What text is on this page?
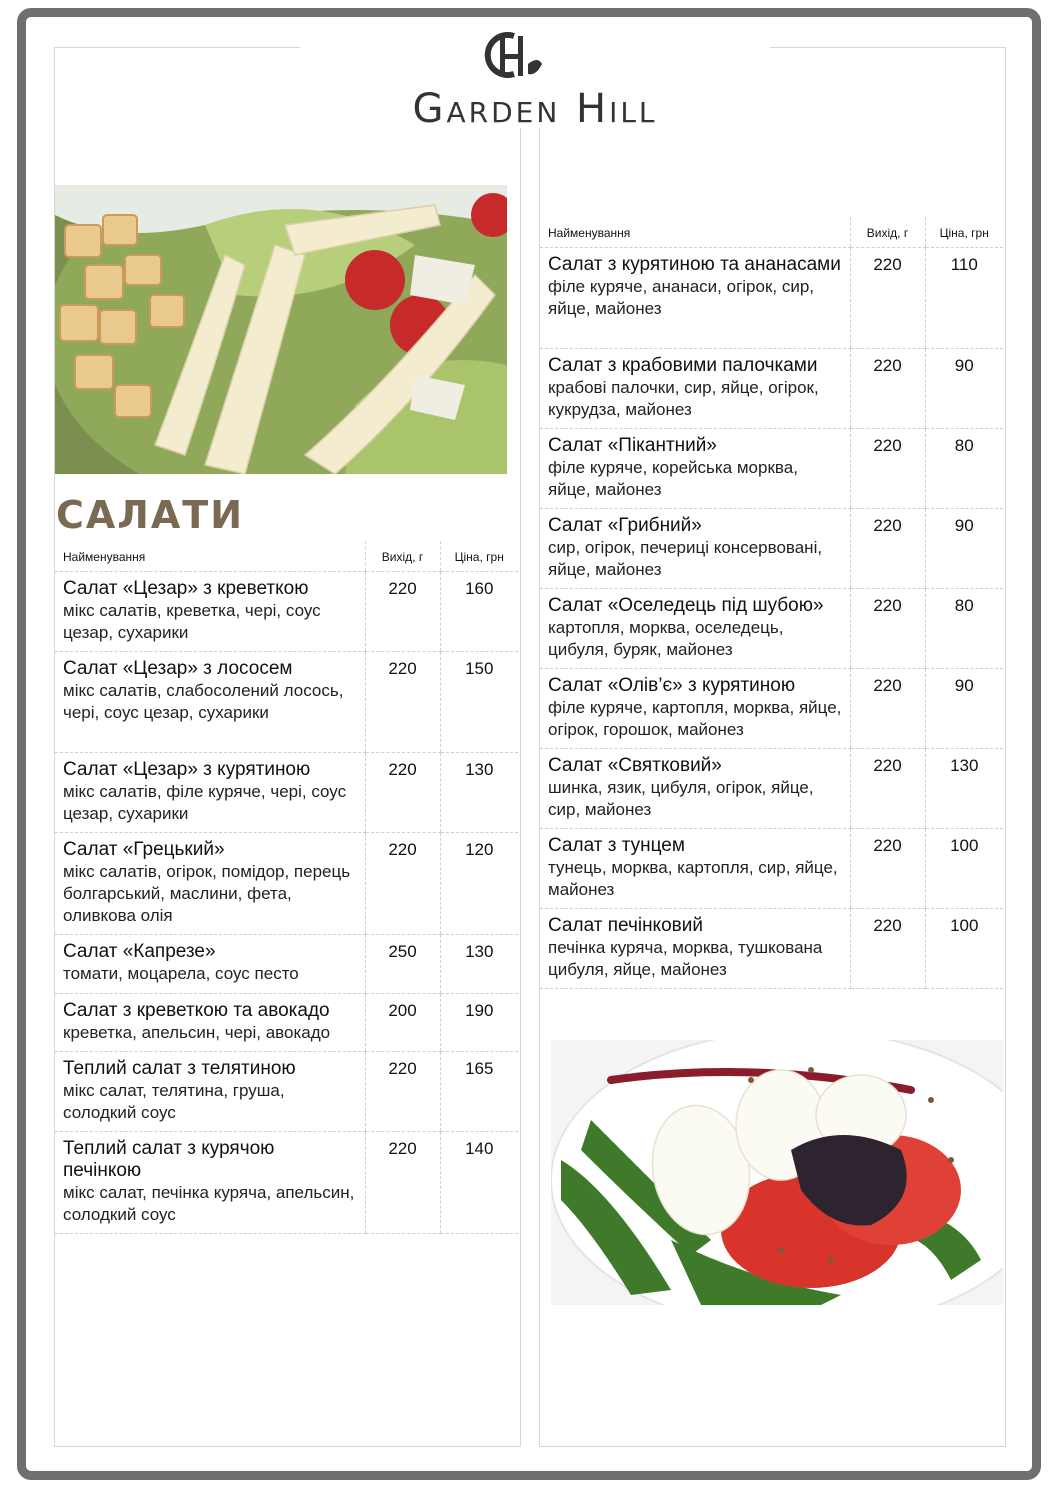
Garden Hill
САЛАТИ
Найменування	Вихід, г	Ціна, грн

Салат «Цезар» з креветкою
мікс салатів, креветка, чері, соус цезар, сухарики	220	160

Салат «Цезар» з лососем
мікс салатів, слабосолений лосось, чері, соус цезар, сухарики	220	150

Салат «Цезар» з курятиною
мікс салатів, філе куряче, чері, соус цезар, сухарики	220	130

Салат «Грецький»
мікс салатів, огірок, помідор, перець болгарський, маслини, фета, оливкова олія	220	120

Салат «Капрезе»
томати, моцарела, соус песто	250	130

Салат з креветкою та авокадо
креветка, апельсин, чері, авокадо	200	190

Теплий салат з телятиною
мікс салат, телятина, груша, солодкий соус	220	165

Теплий салат з курячою печінкою
мікс салат, печінка куряча, апельсин, солодкий соус	220	140
Найменування	Вихід, г	Ціна, грн

Салат з курятиною та ананасами
філе куряче, ананаси, огірок, сир, яйце, майонез	220	110

Салат з крабовими палочками
крабові палочки, сир, яйце, огірок, кукрудза, майонез	220	90

Салат «Пікантний»
філе куряче, корейська морква, яйце, майонез	220	80

Салат «Грибний»
сир, огірок, печериці консервовані, яйце, майонез	220	90

Салат «Оселедець під шубою»
картопля, морква, оселедець, цибуля, буряк, майонез	220	80

Салат «Олів’є» з курятиною
філе куряче, картопля, морква, яйце, огірок, горошок, майонез	220	90

Салат «Святковий»
шинка, язик, цибуля, огірок, яйце, сир, майонез	220	130

Салат з тунцем
тунець, морква, картопля, сир, яйце, майонез	220	100

Салат печінковий
печінка куряча, морква, тушкована цибуля, яйце, майонез	220	100
